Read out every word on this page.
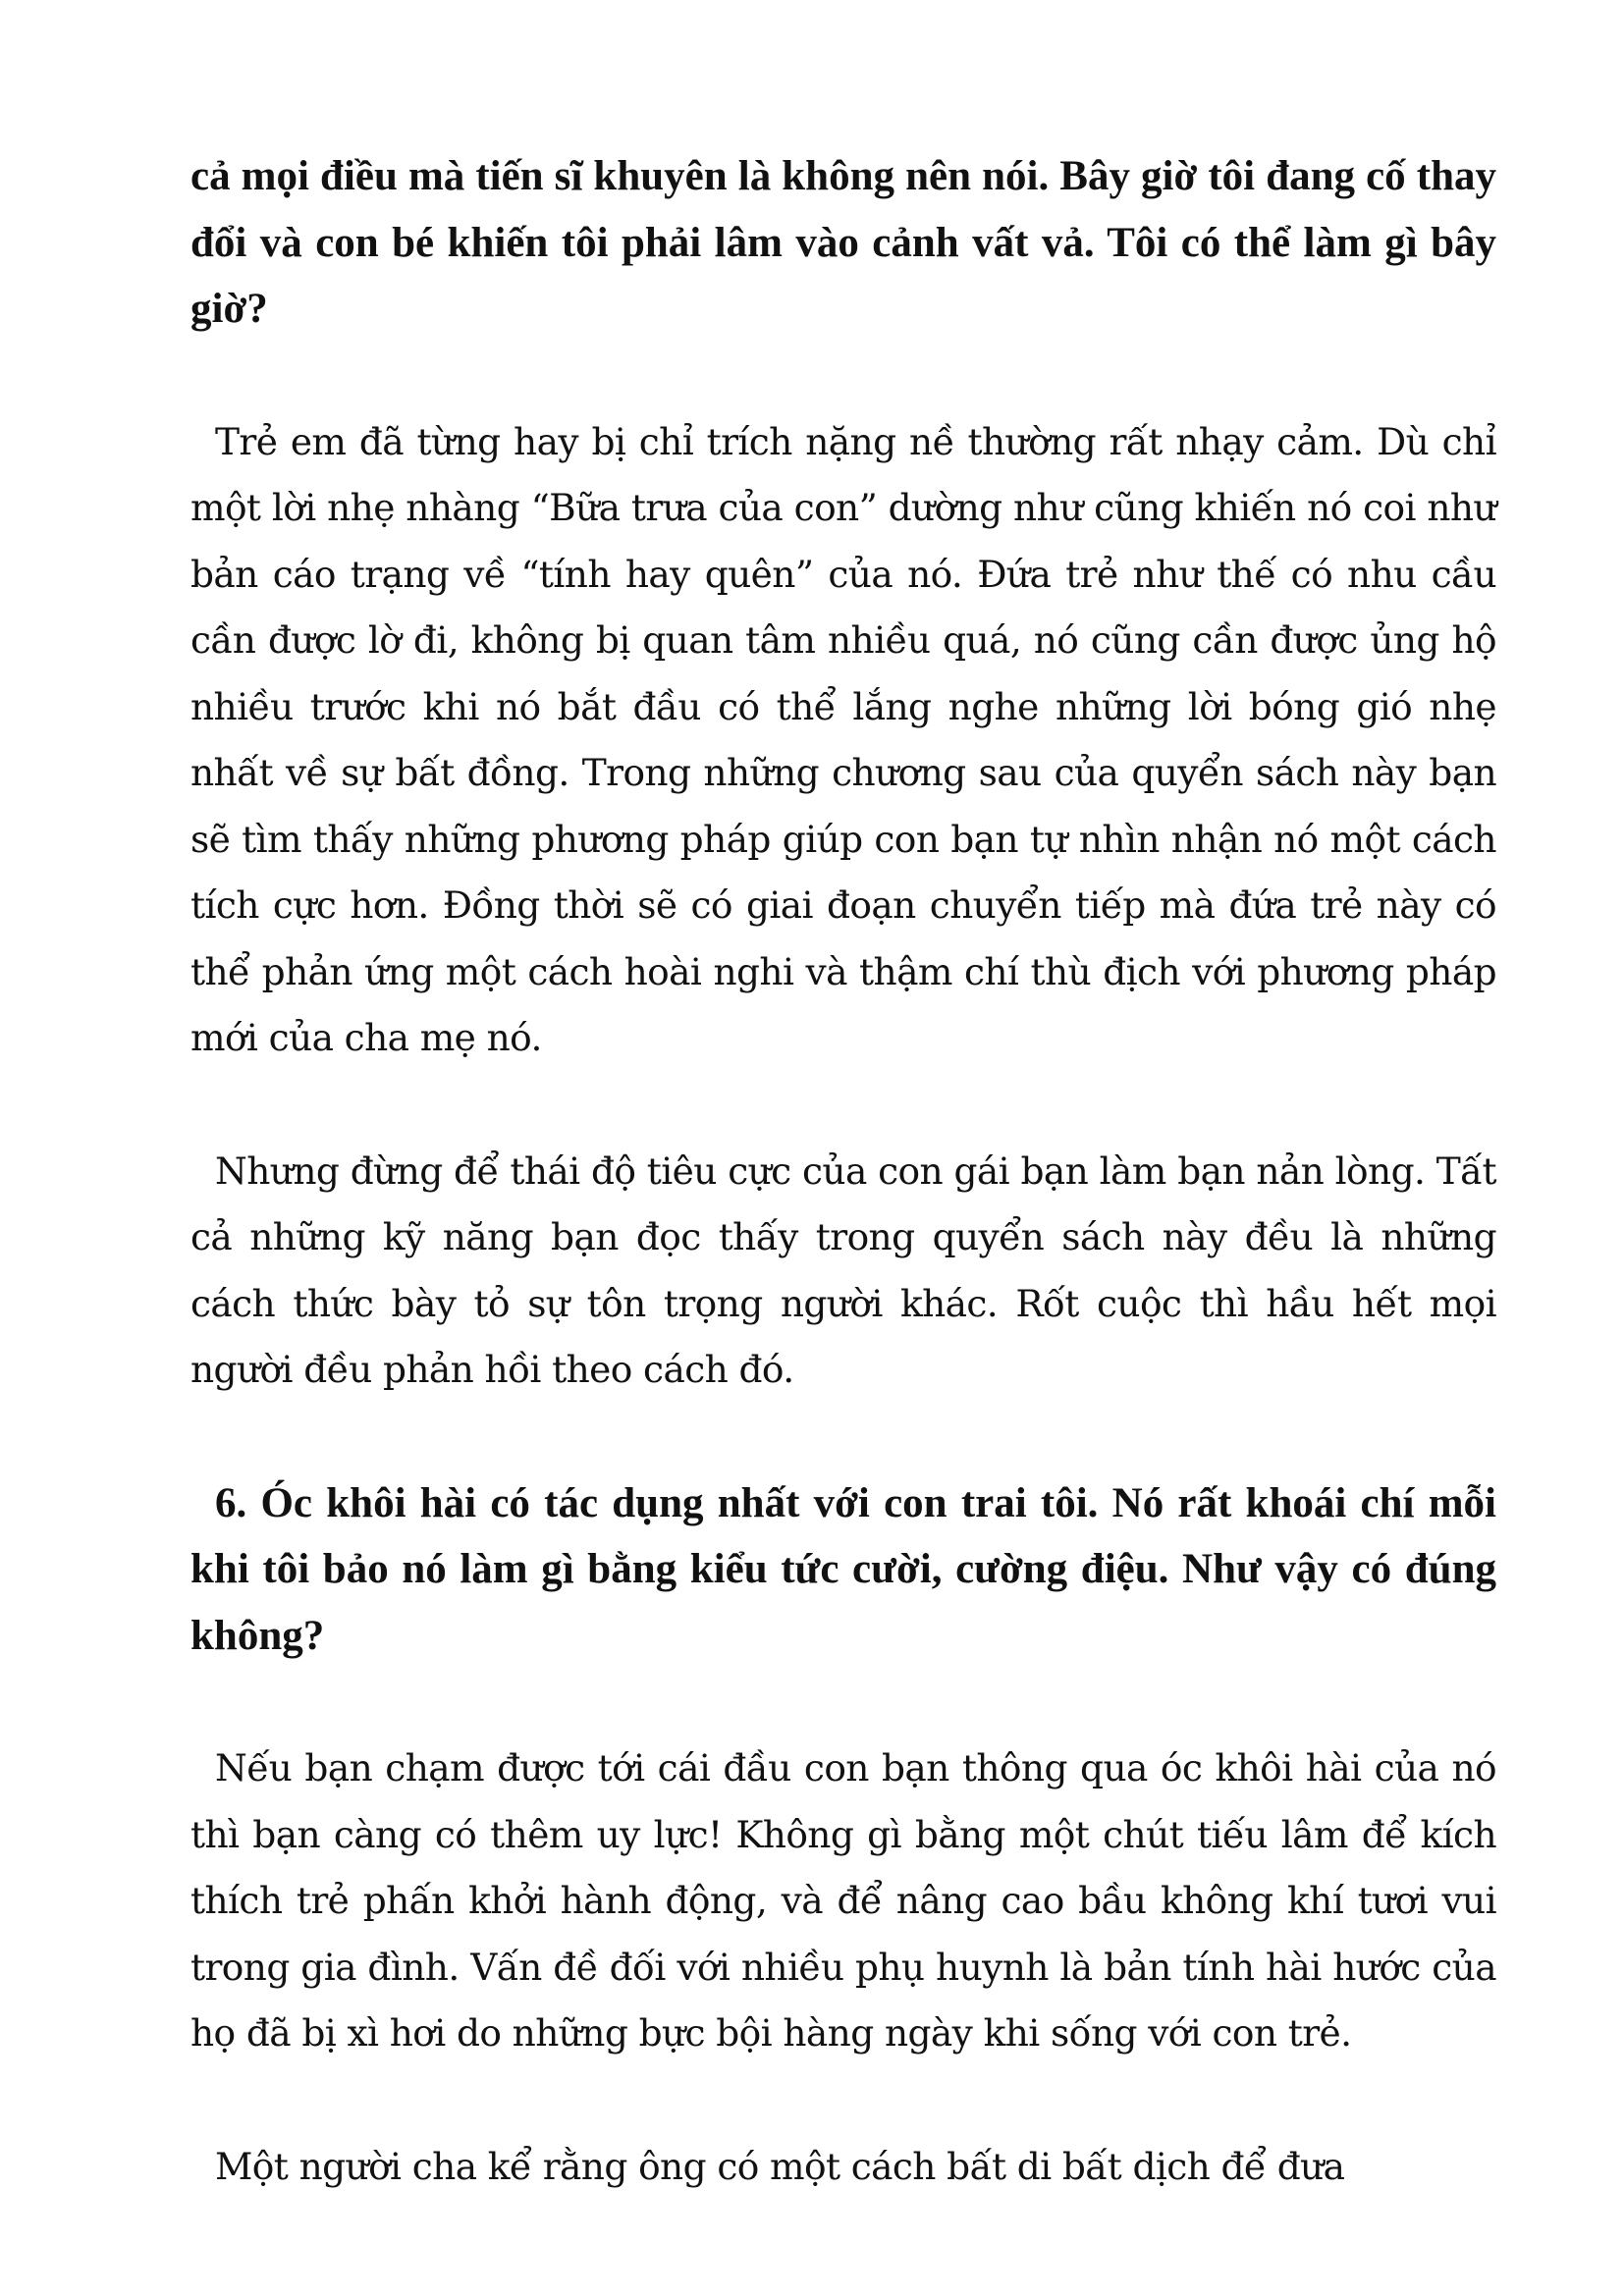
cả mọi điều mà tiến sĩ khuyên là không nên nói. Bây giờ tôi đang cố thay đổi và con bé khiến tôi phải lâm vào cảnh vất vả. Tôi có thể làm gì bây giờ?

Trẻ em đã từng hay bị chỉ trích nặng nề thường rất nhạy cảm. Dù chỉ một lời nhẹ nhàng “Bữa trưa của con” dường như cũng khiến nó coi như bản cáo trạng về “tính hay quên” của nó. Đứa trẻ như thế có nhu cầu cần được lờ đi, không bị quan tâm nhiều quá, nó cũng cần được ủng hộ nhiều trước khi nó bắt đầu có thể lắng nghe những lời bóng gió nhẹ nhất về sự bất đồng. Trong những chương sau của quyển sách này bạn sẽ tìm thấy những phương pháp giúp con bạn tự nhìn nhận nó một cách tích cực hơn. Đồng thời sẽ có giai đoạn chuyển tiếp mà đứa trẻ này có thể phản ứng một cách hoài nghi và thậm chí thù địch với phương pháp mới của cha mẹ nó.

Nhưng đừng để thái độ tiêu cực của con gái bạn làm bạn nản lòng. Tất cả những kỹ năng bạn đọc thấy trong quyển sách này đều là những cách thức bày tỏ sự tôn trọng người khác. Rốt cuộc thì hầu hết mọi người đều phản hồi theo cách đó.

6. Óc khôi hài có tác dụng nhất với con trai tôi. Nó rất khoái chí mỗi khi tôi bảo nó làm gì bằng kiểu tức cười, cường điệu. Như vậy có đúng không?

Nếu bạn chạm được tới cái đầu con bạn thông qua óc khôi hài của nó thì bạn càng có thêm uy lực! Không gì bằng một chút tiếu lâm để kích thích trẻ phấn khởi hành động, và để nâng cao bầu không khí tươi vui trong gia đình. Vấn đề đối với nhiều phụ huynh là bản tính hài hước của họ đã bị xì hơi do những bực bội hàng ngày khi sống với con trẻ.

Một người cha kể rằng ông có một cách bất di bất dịch để đưa
